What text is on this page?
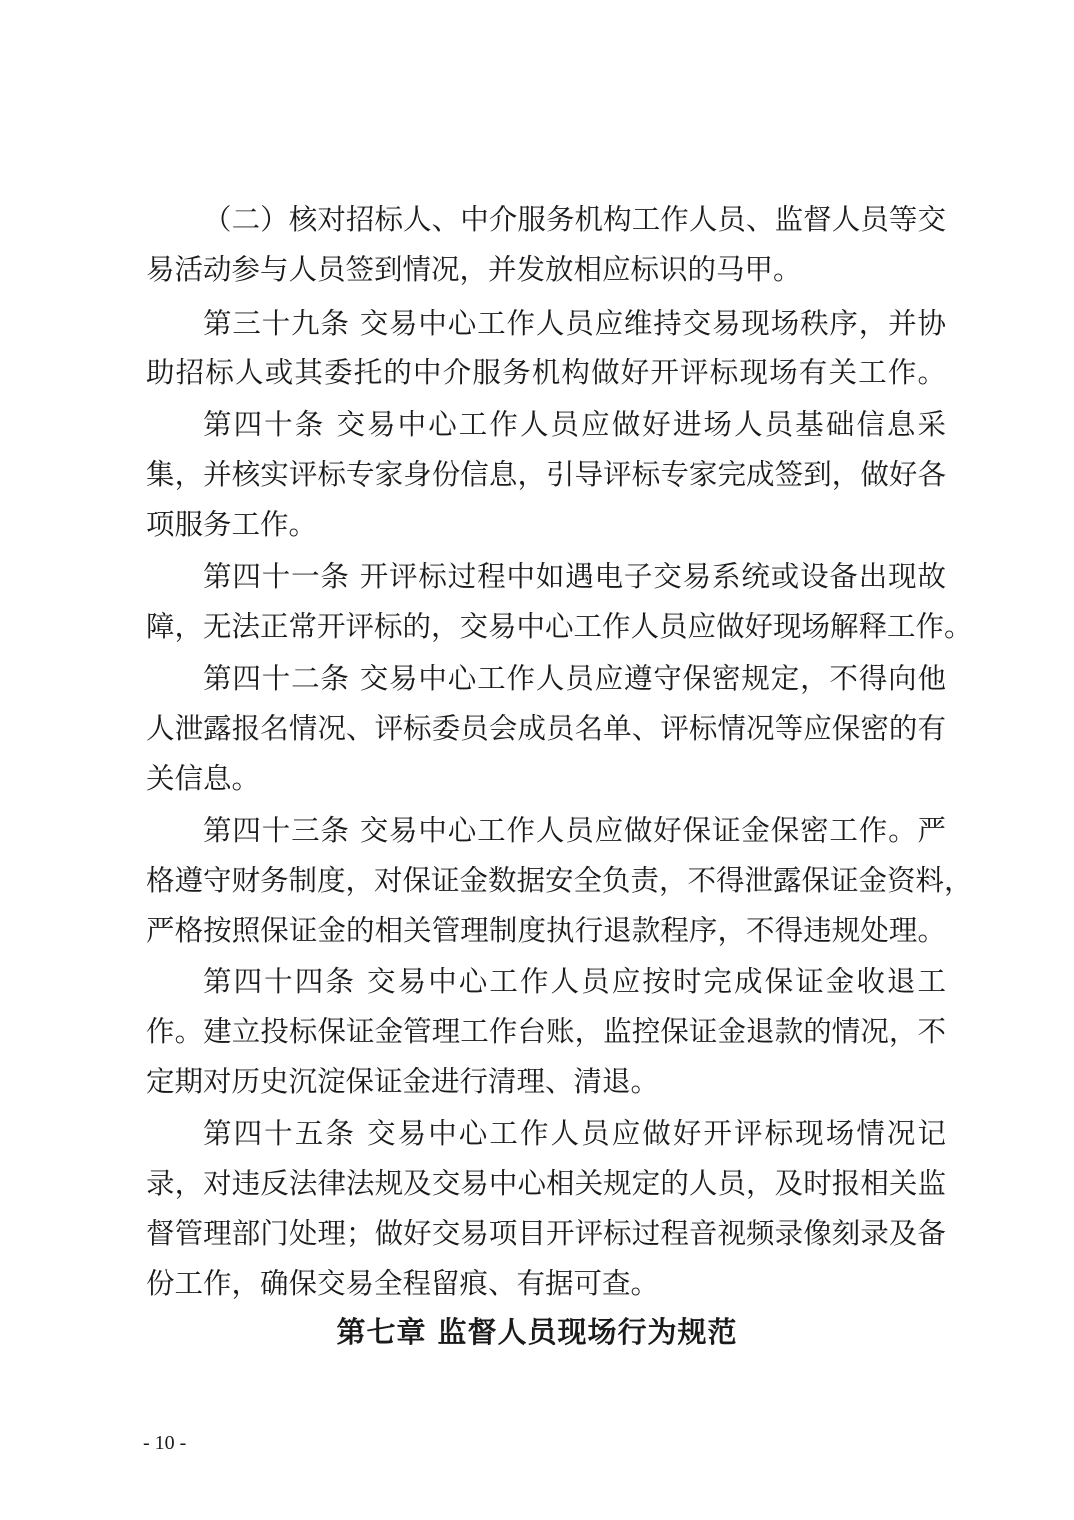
（二）核对招标人、中介服务机构工作人员、监督人员等交
易活动参与人员签到情况，并发放相应标识的马甲。
第三十九条 交易中心工作人员应维持交易现场秩序，并协
助招标人或其委托的中介服务机构做好开评标现场有关工作。
第四十条 交易中心工作人员应做好进场人员基础信息采
集，并核实评标专家身份信息，引导评标专家完成签到，做好各
项服务工作。
第四十一条 开评标过程中如遇电子交易系统或设备出现故
障，无法正常开评标的，交易中心工作人员应做好现场解释工作。
第四十二条 交易中心工作人员应遵守保密规定，不得向他
人泄露报名情况、评标委员会成员名单、评标情况等应保密的有
关信息。
第四十三条 交易中心工作人员应做好保证金保密工作。严
格遵守财务制度，对保证金数据安全负责，不得泄露保证金资料，
严格按照保证金的相关管理制度执行退款程序，不得违规处理。
第四十四条 交易中心工作人员应按时完成保证金收退工
作。建立投标保证金管理工作台账，监控保证金退款的情况，不
定期对历史沉淀保证金进行清理、清退。
第四十五条 交易中心工作人员应做好开评标现场情况记
录，对违反法律法规及交易中心相关规定的人员，及时报相关监
督管理部门处理；做好交易项目开评标过程音视频录像刻录及备
份工作，确保交易全程留痕、有据可查。
第七章 监督人员现场行为规范
- 10 -
